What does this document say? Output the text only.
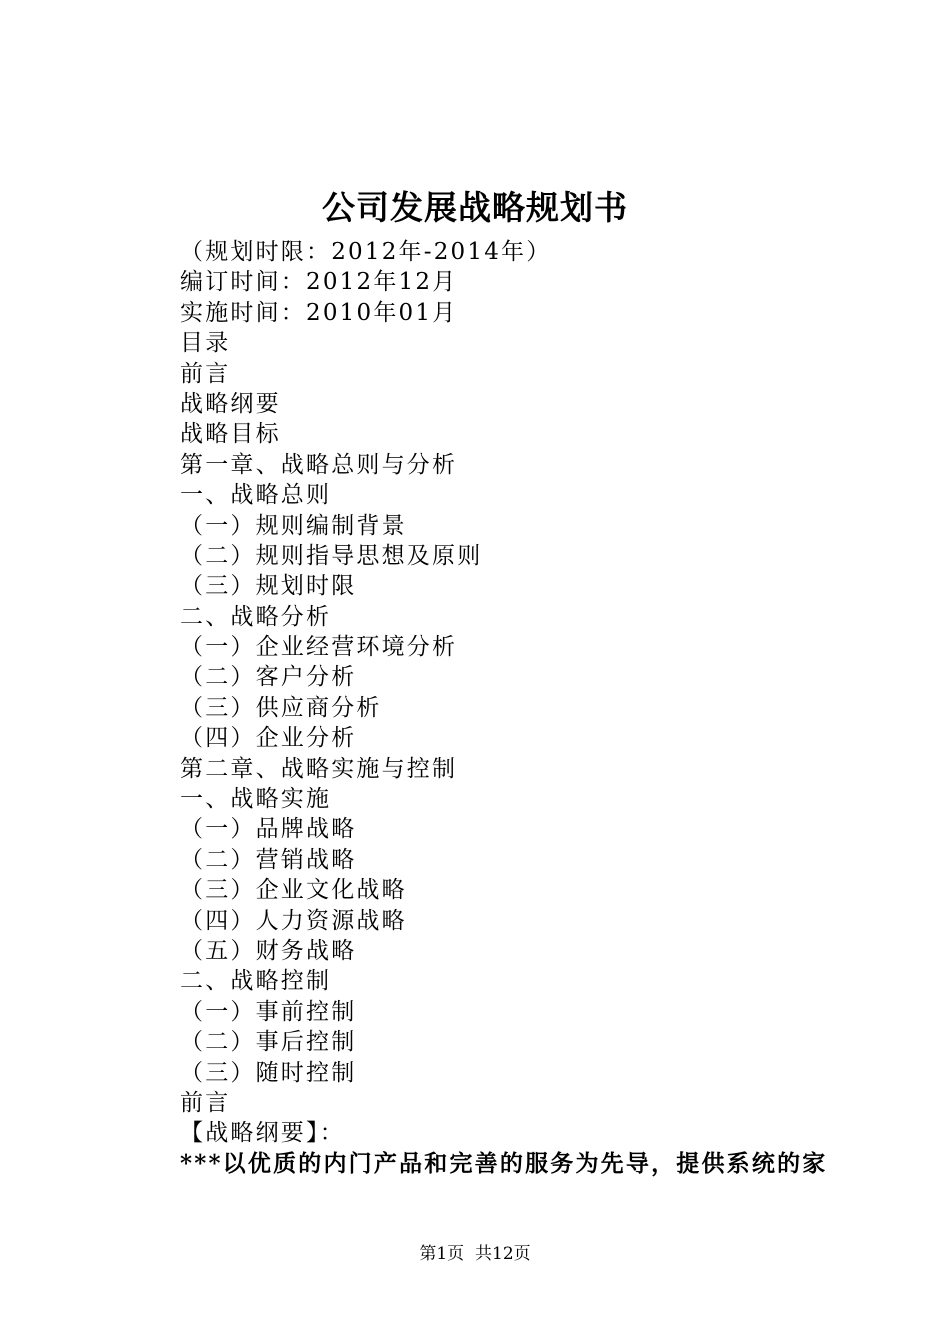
公司发展战略规划书
（规划时限：2012年-2014年）
编订时间：2012年12月
实施时间：2010年01月
目录
前言
战略纲要
战略目标
第一章、战略总则与分析
一、战略总则
（一）规则编制背景
（二）规则指导思想及原则
（三）规划时限
二、战略分析
（一）企业经营环境分析
（二）客户分析
（三）供应商分析
（四）企业分析
第二章、战略实施与控制
一、战略实施
（一）品牌战略
（二）营销战略
（三）企业文化战略
（四）人力资源战略
（五）财务战略
二、战略控制
（一）事前控制
（二）事后控制
（三）随时控制
前言
【战略纲要】：
***以优质的内门产品和完善的服务为先导，提供系统的家
第1页 共12页
